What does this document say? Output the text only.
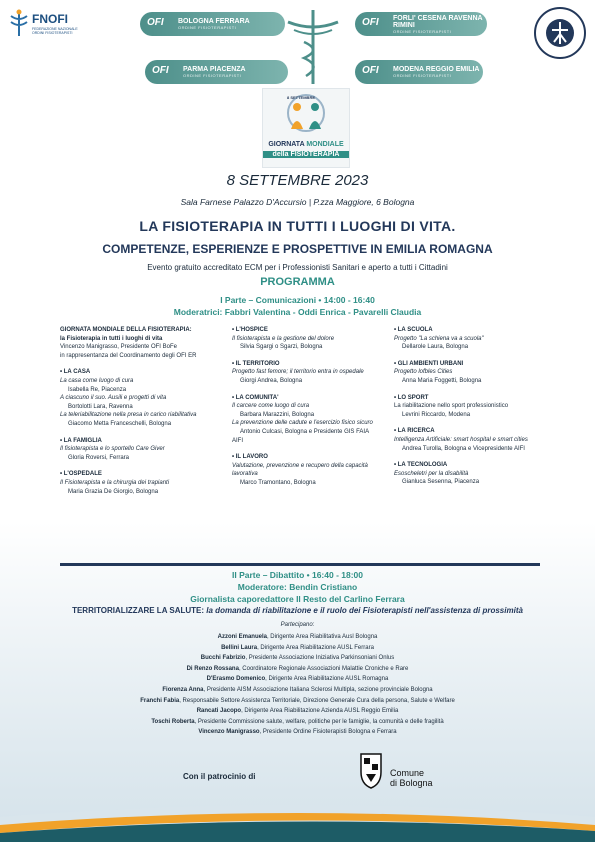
FNOFI
FEDERAZIONE NAZIONALE ORDINI FISIOTERAPISTI
OFI	BOLOGNA FERRARA
ORDINE FISIOTERAPISTI	OFI	FORLI' CESENA RAVENNA RIMINI
ORDINE FISIOTERAPISTI
OFI	PARMA PIACENZA
ORDINE FISIOTERAPISTI	OFI	MODENA REGGIO EMILIA
ORDINE FISIOTERAPISTI
8 SETTEMBRE
GIORNATA MONDIALE
della FISIOTERAPIA
8 SETTEMBRE 2023
Sala Farnese Palazzo D'Accursio | P.zza Maggiore, 6 Bologna
LA FISIOTERAPIA IN TUTTI I LUOGHI DI VITA.
COMPETENZE, ESPERIENZE E PROSPETTIVE IN EMILIA ROMAGNA
Evento gratuito accreditato ECM per i Professionisti Sanitari e aperto a tutti i Cittadini
PROGRAMMA
I Parte – Comunicazioni • 14:00 - 16:40
Moderatrici: Fabbri Valentina - Oddi Enrica - Pavarelli Claudia
GIORNATA MONDIALE DELLA FISIOTERAPIA:
la Fisioterapia in tutti i luoghi di vita
Vincenzo Manigrasso, Presidente OFI BoFe
in rappresentanza del Coordinamento degli OFI ER
• LA CASA
La casa come luogo di cura
Isabella Re, Piacenza
A ciascuno il suo. Ausili e progetti di vita
Bortolotti Lara, Ravenna
La teleriabilitazione nella presa in carico riabilitativa
Giacomo Metta Franceschelli, Bologna
• LA FAMIGLIA
Il fisioterapista e lo sportello Care Giver
Gloria Roversi, Ferrara
• L'OSPEDALE
Il Fisioterapista e la chirurgia dei trapianti
Maria Grazia De Giorgio, Bologna
• L'HOSPICE
Il fisioterapista e la gestione del dolore
Silvia Sgargi o Sgarzi, Bologna
• IL TERRITORIO
Progetto fast femore; il territorio entra in ospedale
Giorgi Andrea, Bologna
• LA COMUNITA'
Il carcere come luogo di cura
Barbara Marazzini, Bologna
La prevenzione delle cadute e l'esercizio fisico sicuro
Antonio Culcasi, Bologna e Presidente GIS FAIA
AIFI
• IL LAVORO
Valutazione, prevenzione e recupero della capacità
lavorativa
Marco Tramontano, Bologna
• LA SCUOLA
Progetto "La schiena va a scuola"
Dellarole Laura, Bologna
• GLI AMBIENTI URBANI
Progetto lofbles Cities
Anna Maria Foggetti, Bologna
• LO SPORT
La riabilitazione nello sport professionistico
Levrini Riccardo, Modena
• LA RICERCA
Intelligenza Artificiale: smart hospital e smart cities
Andrea Turolla, Bologna e Vicepresidente AIFI
• LA TECNOLOGIA
Esoscheletri per la disabilità
Gianluca Sesenna, Piacenza
II Parte – Dibattito • 16:40 - 18:00
Moderatore: Bendin Cristiano
Giornalista caporedattore Il Resto del Carlino Ferrara
TERRITORIALIZZARE LA SALUTE: la domanda di riabilitazione e il ruolo dei Fisioterapisti nell'assistenza di prossimità
Partecipano:
Azzoni Emanuela, Dirigente Area Riabilitativa Ausl Bologna
Bellini Laura, Dirigente Area Riabilitazione AUSL Ferrara
Bucchi Fabrizio, Presidente Associazione Iniziativa Parkinsoniani Onlus
Di Renzo Rossana, Coordinatore Regionale Associazioni Malattie Croniche e Rare
D'Erasmo Domenico, Dirigente Area Riabilitazione AUSL Romagna
Fiorenza Anna, Presidente AISM Associazione Italiana Sclerosi Multipla, sezione provinciale Bologna
Franchi Fabia, Responsabile Settore Assistenza Territoriale, Direzione Generale Cura della persona, Salute e Welfare
Rancati Jacopo, Dirigente Area Riabilitazione Azienda AUSL Reggio Emilia
Toschi Roberta, Presidente Commissione salute, welfare, politiche per le famiglie, la comunità e delle fragilità
Vincenzo Manigrasso, Presidente Ordine Fisioterapisti Bologna e Ferrara
Con il patrocinio di	Comune
di Bologna
